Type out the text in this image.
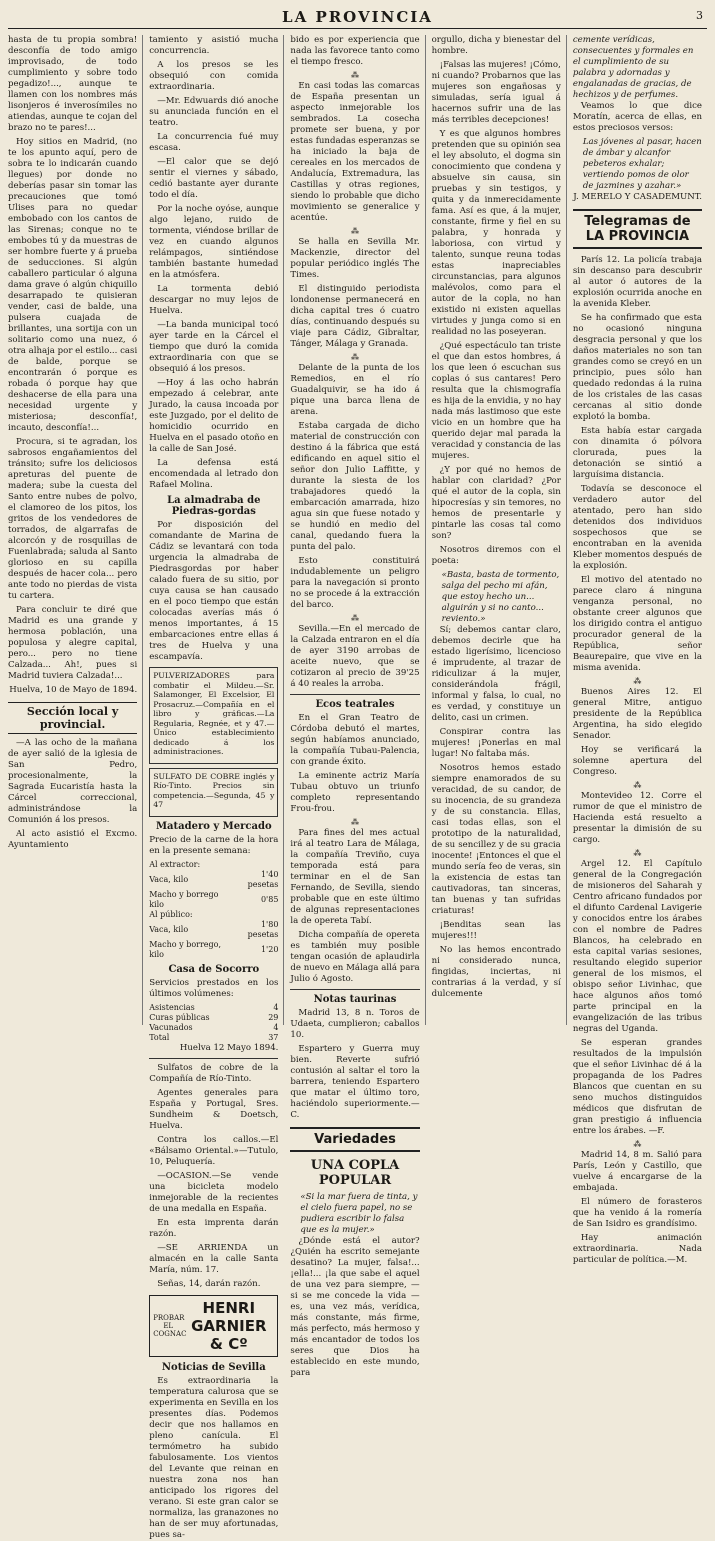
LA PROVINCIA	3

hasta de tu propia sombra! desconfía de todo amigo improvisado, de todo cumplimiento y sobre todo pegadizo!..., aunque te llamen con los nombres más lisonjeros é inverosímiles no atiendas, aunque te cojan del brazo no te pares!...

Hoy sitios en Madrid, (no te los apunto aquí, pero de sobra te lo indicarán cuando llegues) por donde no deberías pasar sin tomar las precauciones que tomó Ulises para no quedar embobado con los cantos de las Sirenas; conque no te embobes tú y da muestras de ser hombre fuerte y á prueba de seducciones. Si algún caballero particular ó alguna dama grave ó algún chiquillo desarrapado te quisieran vender, casi de balde, una pulsera cuajada de brillantes, una sortija con un solitario como una nuez, ó otra alhaja por el estilo... casi de balde, porque se encontrarán ó porque es robada ó porque hay que deshacerse de ella para una necesidad urgente y misteriosa; desconfía!, incauto, desconfía!...

Procura, si te agradan, los sabrosos engañamientos del tránsito; sufre los deliciosos apreturas del puente de madera; sube la cuesta del Santo entre nubes de polvo, el clamoreo de los pitos, los gritos de los vendedores de torrados, de algarrafas de alcorcón y de rosquillas de Fuenlabrada; saluda al Santo glorioso en su capilla después de hacer cola... pero ante todo no pierdas de vista tu cartera.

Para concluir te diré que Madrid es una grande y hermosa población, una populosa y alegre capital, pero... pero no tiene Calzada... Ah!, pues si Madrid tuviera Calzada!...

Huelva, 10 de Mayo de 1894.
Sección local y provincial.

—A las ocho de la mañana de ayer salió de la iglesia de San Pedro, procesionalmente, la Sagrada Eucaristía hasta la Cárcel correccional, administrándose la Comunión á los presos.

Al acto asistió el Excmo. Ayuntamiento

tamiento y asistió mucha concurrencia.

A los presos se les obsequió con comida extraordinaria.

—Mr. Edwuards dió anoche su anunciada función en el teatro.

La concurrencia fué muy escasa.

—El calor que se dejó sentir el viernes y sábado, cedió bastante ayer durante todo el día.

Por la noche oyóse, aunque algo lejano, ruido de tormenta, viéndose brillar de vez en cuando algunos relámpagos, sintiéndose también bastante humedad en la atmósfera.

La tormenta debió descargar no muy lejos de Huelva.

—La banda municipal tocó ayer tarde en la Cárcel el tiempo que duró la comida extraordinaria con que se obsequió á los presos.

—Hoy á las ocho habrán empezado á celebrar, ante Jurado, la causa incoada por este Juzgado, por el delito de homicidio ocurrido en Huelva en el pasado otoño en la calle de San José.

La defensa está encomendada al letrado don Rafael Molina.

La almadraba de Piedras-gordas

Por disposición del comandante de Marina de Cádiz se levantará con toda urgencia la almadraba de Piedrasgordas por haber calado fuera de su sitio, por cuya causa se han causado en el poco tiempo que están colocadas averías más ó menos importantes, á 15 embarcaciones entre ellas á tres de Huelva y una escampavía.

PULVERIZADORES para combatir el Mildeu.—Sr. Salamonger, El Excelsior, El Prosacruz.—Compañía en el libro y gráficas.—La Regularia, Regnée, et y 47.—Único establecimiento dedicado á los administraciones.

SULFATO DE COBRE inglés y Río-Tinto. Precios sin competencia.—Segunda, 45 y 47

Matadero y Mercado

Precio de la carne de la hora en la presente semana:

Al extractor:	
Vaca, kilo	1'40 pesetas
Macho y borrego kilo	0'85
Al público:	
Vaca, kilo	1'80 pesetas
Macho y borrego, kilo	1'20
Casa de Socorro

Servicios prestados en los últimos volúmenes:

Asistencias	4
Curas públicas	29
Vacunados	4
Total	37
Huelva 12 Mayo 1894.

Sulfatos de cobre de la Compañía de Río-Tinto.

Agentes generales para España y Portugal, Sres. Sundheim & Doetsch, Huelva.

Contra los callos.—El «Bálsamo Oriental.»—Tutulo, 10, Peluquería.

—OCASION.—Se vende una bicicleta modelo inmejorable de la recientes de una medalla en España.

En esta imprenta darán razón.

—SE ARRIENDA un almacén en la calle Santa María, núm. 17.

Señas, 14, darán razón.

PROBAR EL COGNAC
HENRI GARNIER & Cº
Noticias de Sevilla

Es extraordinaria la temperatura calurosa que se experimenta en Sevilla en los presentes días. Podemos decir que nos hallamos en pleno canícula. El termómetro ha subido fabulosamente. Los vientos del Levante que reinan en nuestra zona nos han anticipado los rigores del verano. Si este gran calor se normaliza, las granazones no han de ser muy afortunadas, pues sa-

bido es por experiencia que nada las favorece tanto como el tiempo fresco.

⁂

En casi todas las comarcas de España presentan un aspecto inmejorable los sembrados. La cosecha promete ser buena, y por estas fundadas esperanzas se ha iniciado la baja de cereales en los mercados de Andalucía, Extremadura, las Castillas y otras regiones, siendo lo probable que dicho movimiento se generalice y acentúe.

⁂

Se halla en Sevilla Mr. Mackenzie, director del popular periódico inglés The Times.

El distinguido periodista londonense permanecerá en dicha capital tres ó cuatro días, continuando después su viaje para Cádiz, Gibraltar, Tánger, Málaga y Granada.

⁂

Delante de la punta de los Remedios, en el río Guadalquivir, se ha ido á pique una barca llena de arena.

Estaba cargada de dicho material de construcción con destino á la fábrica que está edificando en aquel sitio el señor don Julio Laffitte, y durante la siesta de los trabajadores quedó la embarcación amarrada, hizo agua sin que fuese notado y se hundió en medio del canal, quedando fuera la punta del palo.

Esto constituirá indudablemente un peligro para la navegación si pronto no se procede á la extracción del barco.

⁂

Sevilla.—En el mercado de la Calzada entraron en el día de ayer 3190 arrobas de aceite nuevo, que se cotizaron al precio de 39'25 á 40 reales la arroba.

Ecos teatrales

En el Gran Teatro de Córdoba debutó el martes, según habíamos anunciado, la compañía Tubau-Palencia, con grande éxito.

La eminente actriz María Tubau obtuvo un triunfo completo representando Frou-frou.

⁂

Para fines del mes actual irá al teatro Lara de Málaga, la compañía Treviño, cuya temporada está para terminar en el de San Fernando, de Sevilla, siendo probable que en este último de algunas representaciones la de opereta Tabí.

Dicha compañía de opereta es también muy posible tengan ocasión de aplaudirla de nuevo en Málaga allá para Julio ó Agosto.

Notas taurinas

Madrid 13, 8 n. Toros de Udaeta, cumplieron; caballos 10.

Espartero y Guerra muy bien. Reverte sufrió contusión al saltar el toro la barrera, teniendo Espartero que matar el último toro, haciéndolo superiormente.—C.

Variedades
UNA COPLA POPULAR
«Si la mar fuera de tinta, y el cielo fuera papel, no se pudiera escribir lo falsa que es la mujer.»

¿Dónde está el autor? ¿Quién ha escrito semejante desatino? La mujer, falsa!... ¡ella!... ¡la que sabe el aquel de una vez para siempre, — si se me concede la vida — es, una vez más, verídica, más constante, más firme, más perfecto, más hermoso y más encantador de todos los seres que Dios ha establecido en este mundo, para

orgullo, dicha y bienestar del hombre.

¡Falsas las mujeres! ¡Cómo, ni cuando? Probarnos que las mujeres son engañosas y simuladas, sería igual á hacernos sufrir una de las más terribles decepciones!

Y es que algunos hombres pretenden que su opinión sea el ley absoluto, el dogma sin conocimiento que condena y absuelve sin causa, sin pruebas y sin testigos, y quita y da inmerecidamente fama. Así es que, á la mujer, constante, firme y fiel en su palabra, y honrada y laboriosa, con virtud y talento, sunque reuna todas estas inapreciables circunstancias, para algunos malévolos, como para el autor de la copla, no han existido ni existen aquellas virtudes y junga como si en realidad no las poseyeran.

¿Qué espectáculo tan triste el que dan estos hombres, á los que leen ó escuchan sus coplas ó sus cantares! Pero resulta que la chismografía es hija de la envidia, y no hay nada más lastimoso que este vicio en un hombre que ha querido dejar mal parada la veracidad y constancia de las mujeres.

¿Y por qué no hemos de hablar con claridad? ¿Por qué el autor de la copla, sin hipocresías y sin temores, no hemos de presentarle y pintarle las cosas tal como son?

Nosotros diremos con el poeta:

«Basta, basta de tormento, salga del pecho mi afán, que estoy hecho un... alguirán y si no canto... reviento.»

Sí; debemos cantar claro, debemos decirle que ha estado ligerísimo, licencioso é imprudente, al trazar de ridiculizar á la mujer, considerándola frágil, informal y falsa, lo cual, no es verdad, y constituye un delito, casi un crimen.

Conspirar contra las mujeres! ¡Ponerlas en mal lugar! No faltaba más.

Nosotros hemos estado siempre enamorados de su veracidad, de su candor, de su inocencia, de su grandeza y de su constancia. Ellas, casi todas ellas, son el prototipo de la naturalidad, de su sencillez y de su gracia inocente! ¡Entonces el que el mundo sería feo de veras, sin la existencia de estas tan cautivadoras, tan sinceras, tan buenas y tan sufridas criaturas!

¡Benditas sean las mujeres!!!

No las hemos encontrado ni considerado nunca, fingidas, inciertas, ni contrarias á la verdad, y sí dulcemente

cemente verídicas, consecuentes y formales en el cumplimiento de su palabra y adornadas y engalanadas de gracias, de hechizos y de perfumes.

Veamos lo que dice Moratín, acerca de ellas, en estos preciosos versos:

Las jóvenes al pasar, hacen de ámbar y alcanfor pebeteros exhalar; vertiendo pomos de olor de jazmines y azahar.»
J. MERELO Y CASADEMUNT.
Telegramas de LA PROVINCIA

París 12. La policía trabaja sin descanso para descubrir al autor ó autores de la explosión ocurrida anoche en la avenida Kleber.

Se ha confirmado que esta no ocasionó ninguna desgracia personal y que los daños materiales no son tan grandes como se creyó en un principio, pues sólo han quedado redondas á la ruina de los cristales de las casas cercanas al sitio donde explotó la bomba.

Esta había estar cargada con dinamita ó pólvora clorurada, pues la detonación se sintió a larguísima distancia.

Todavía se desconoce el verdadero autor del atentado, pero han sido detenidos dos individuos sospechosos que se encontraban en la avenida Kleber momentos después de la explosión.

El motivo del atentado no parece claro á ninguna venganza personal, no obstante creer algunos que los dirigido contra el antiguo procurador general de la República, señor Beaurepaire, que vive en la misma avenida.

⁂

Buenos Aires 12. El general Mitre, antiguo presidente de la República Argentina, ha sido elegido Senador.

Hoy se verificará la solemne apertura del Congreso.

⁂

Montevideo 12. Corre el rumor de que el ministro de Hacienda está resuelto a presentar la dimisión de su cargo.

⁂

Argel 12. El Capítulo general de la Congregación de misioneros del Saharah y Centro africano fundados por el difunto Cardenal Lavigerie y conocidos entre los árabes con el nombre de Padres Blancos, ha celebrado en esta capital varias sesiones, resultando elegido superior general de los mismos, el obispo señor Livinhac, que hace algunos años tomó parte principal en la evangelización de las tribus negras del Uganda.

Se esperan grandes resultados de la impulsión que el señor Livinhac dé á la propaganda de los Padres Blancos que cuentan en su seno muchos distinguidos médicos que disfrutan de gran prestigio á influencia entre los árabes. —F.

⁂

Madrid 14, 8 m. Salió para París, León y Castillo, que vuelve á encargarse de la embajada.

El número de forasteros que ha venido á la romería de San Isidro es grandísimo.

Hay animación extraordinaria. Nada particular de política.—M.
